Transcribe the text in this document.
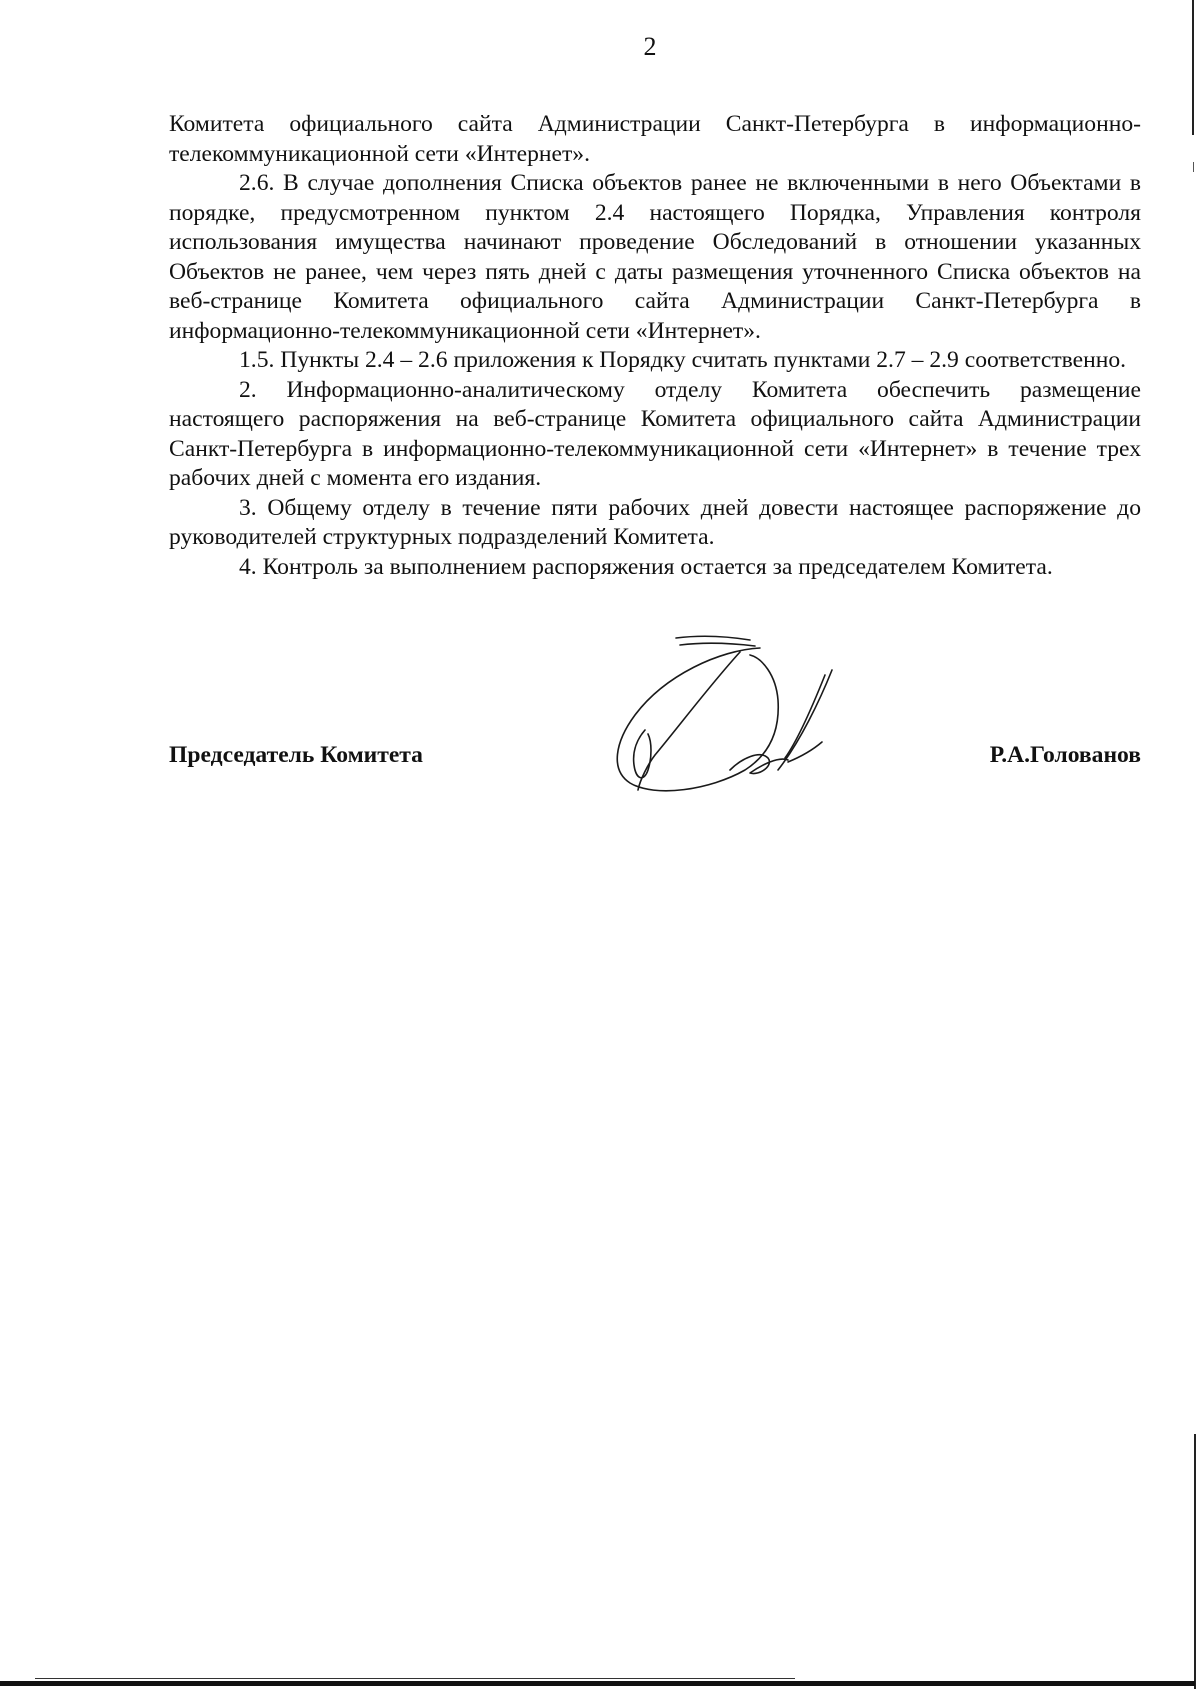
2

Комитета официального сайта Администрации Санкт-Петербурга в информационно-телекоммуникационной сети «Интернет».

2.6. В случае дополнения Списка объектов ранее не включенными в него Объектами в порядке, предусмотренном пунктом 2.4 настоящего Порядка, Управления контроля использования имущества начинают проведение Обследований в отношении указанных Объектов не ранее, чем через пять дней с даты размещения уточненного Списка объектов на веб-странице Комитета официального сайта Администрации Санкт-Петербурга в информационно-телекоммуникационной сети «Интернет».

1.5. Пункты 2.4 – 2.6 приложения к Порядку считать пунктами 2.7 – 2.9 соответственно.

2. Информационно-аналитическому отделу Комитета обеспечить размещение настоящего распоряжения на веб-странице Комитета официального сайта Администрации Санкт-Петербурга в информационно-телекоммуникационной сети «Интернет» в течение трех рабочих дней с момента его издания.

3. Общему отделу в течение пяти рабочих дней довести настоящее распоряжение до руководителей структурных подразделений Комитета.

4. Контроль за выполнением распоряжения остается за председателем Комитета.

Председатель Комитета	Р.А.Голованов
